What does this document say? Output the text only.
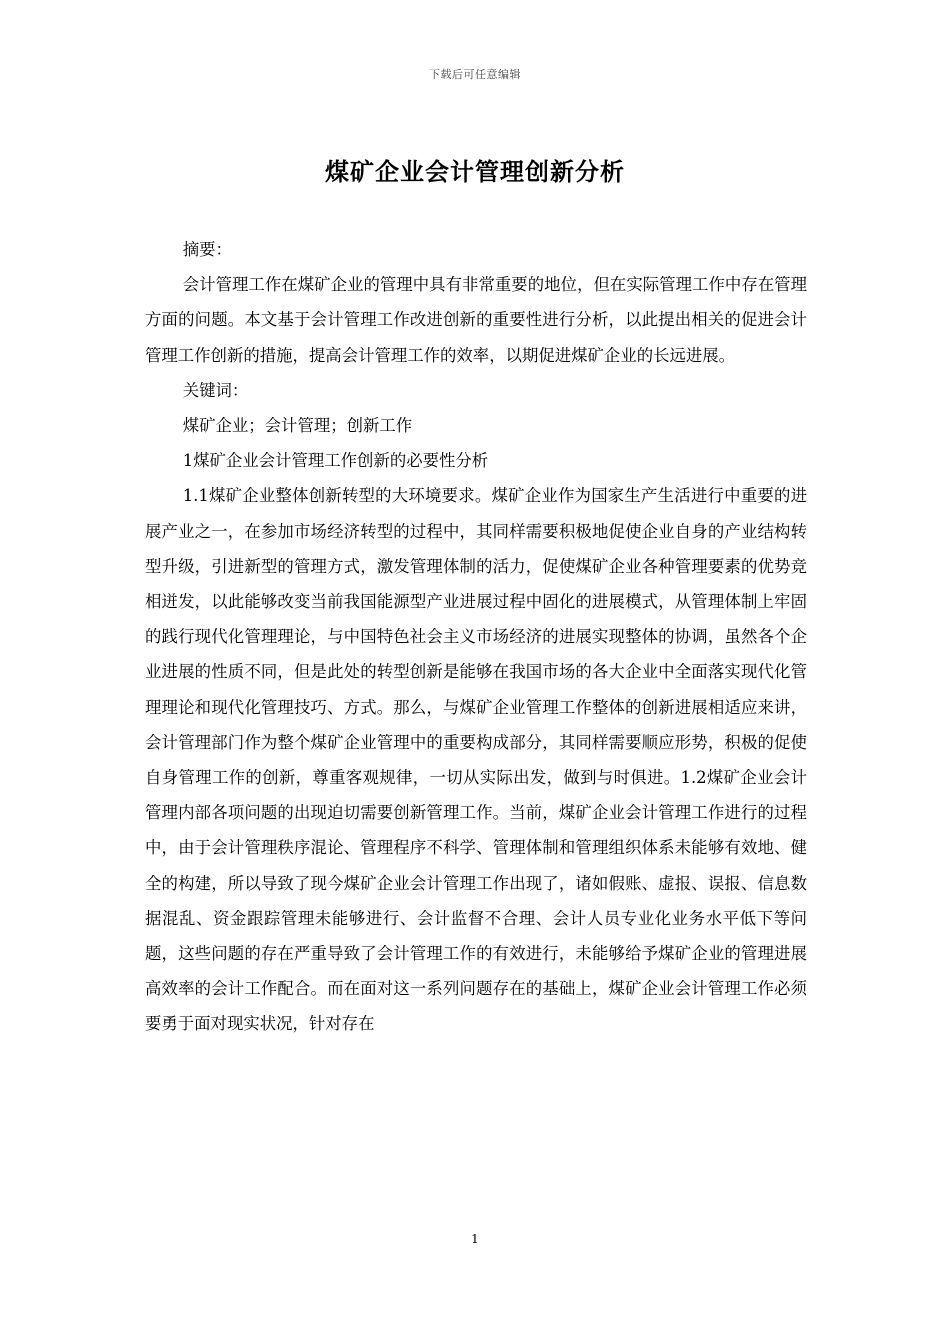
下载后可任意编辑
煤矿企业会计管理创新分析

摘要：

会计管理工作在煤矿企业的管理中具有非常重要的地位，但在实际管理工作中存在管理方面的问题。本文基于会计管理工作改进创新的重要性进行分析，以此提出相关的促进会计管理工作创新的措施，提高会计管理工作的效率，以期促进煤矿企业的长远进展。

关键词：

煤矿企业；会计管理；创新工作

1煤矿企业会计管理工作创新的必要性分析

1.1煤矿企业整体创新转型的大环境要求。煤矿企业作为国家生产生活进行中重要的进展产业之一，在参加市场经济转型的过程中，其同样需要积极地促使企业自身的产业结构转型升级，引进新型的管理方式，激发管理体制的活力，促使煤矿企业各种管理要素的优势竞相迸发，以此能够改变当前我国能源型产业进展过程中固化的进展模式，从管理体制上牢固的践行现代化管理理论，与中国特色社会主义市场经济的进展实现整体的协调，虽然各个企业进展的性质不同，但是此处的转型创新是能够在我国市场的各大企业中全面落实现代化管理理论和现代化管理技巧、方式。那么，与煤矿企业管理工作整体的创新进展相适应来讲，会计管理部门作为整个煤矿企业管理中的重要构成部分，其同样需要顺应形势，积极的促使自身管理工作的创新，尊重客观规律，一切从实际出发，做到与时俱进。1.2煤矿企业会计管理内部各项问题的出现迫切需要创新管理工作。当前，煤矿企业会计管理工作进行的过程中，由于会计管理秩序混论、管理程序不科学、管理体制和管理组织体系未能够有效地、健全的构建，所以导致了现今煤矿企业会计管理工作出现了，诸如假账、虚报、误报、信息数据混乱、资金跟踪管理未能够进行、会计监督不合理、会计人员专业化业务水平低下等问题，这些问题的存在严重导致了会计管理工作的有效进行，未能够给予煤矿企业的管理进展高效率的会计工作配合。而在面对这一系列问题存在的基础上，煤矿企业会计管理工作必须要勇于面对现实状况，针对存在

1
